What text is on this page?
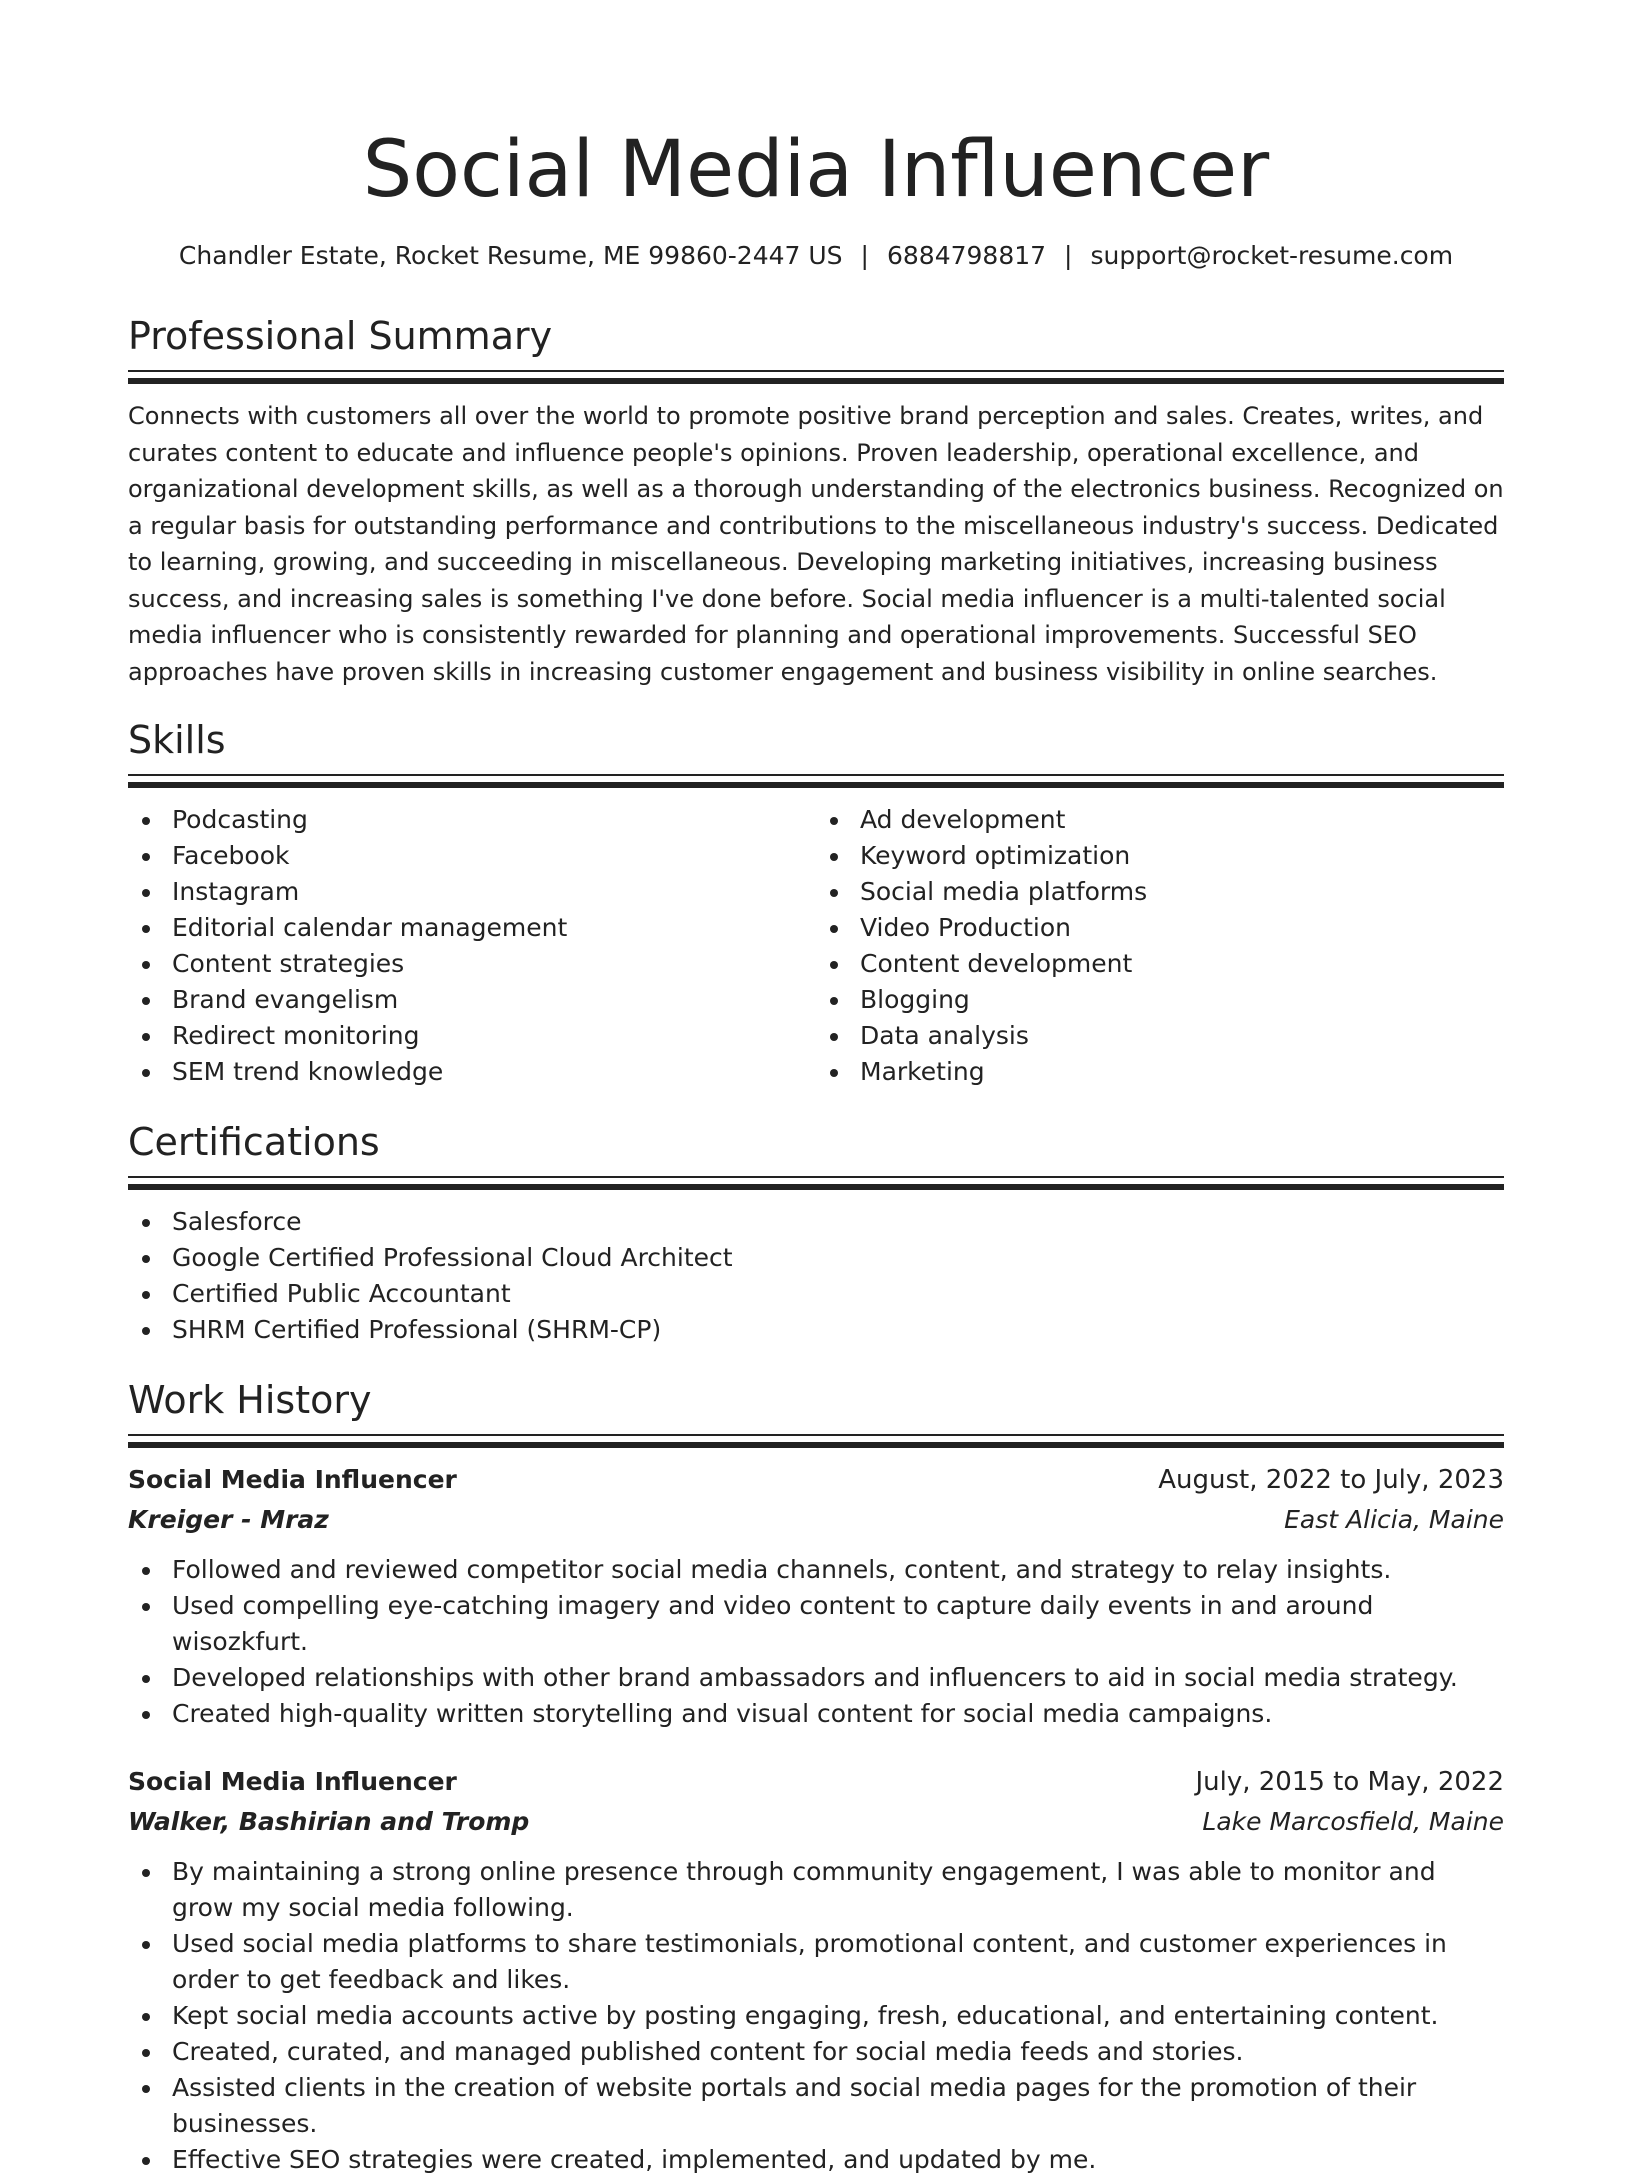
Social Media Influencer
Chandler Estate, Rocket Resume, ME 99860-2447 US | 6884798817 | support@rocket-resume.com
Professional Summary

Connects with customers all over the world to promote positive brand perception and sales. Creates, writes, and curates content to educate and influence people's opinions. Proven leadership, operational excellence, and organizational development skills, as well as a thorough understanding of the electronics business. Recognized on a regular basis for outstanding performance and contributions to the miscellaneous industry's success. Dedicated to learning, growing, and succeeding in miscellaneous. Developing marketing initiatives, increasing business success, and increasing sales is something I've done before. Social media influencer is a multi-talented social media influencer who is consistently rewarded for planning and operational improvements. Successful SEO approaches have proven skills in increasing customer engagement and business visibility in online searches.

Skills
Podcasting
Facebook
Instagram
Editorial calendar management
Content strategies
Brand evangelism
Redirect monitoring
SEM trend knowledge
Ad development
Keyword optimization
Social media platforms
Video Production
Content development
Blogging
Data analysis
Marketing
Certifications
Salesforce
Google Certified Professional Cloud Architect
Certified Public Accountant
SHRM Certified Professional (SHRM-CP)
Work History
Social Media Influencer	August, 2022 to July, 2023
Kreiger - Mraz	East Alicia, Maine
Followed and reviewed competitor social media channels, content, and strategy to relay insights.
Used compelling eye-catching imagery and video content to capture daily events in and around wisozkfurt.
Developed relationships with other brand ambassadors and influencers to aid in social media strategy.
Created high-quality written storytelling and visual content for social media campaigns.
Social Media Influencer	July, 2015 to May, 2022
Walker, Bashirian and Tromp	Lake Marcosfield, Maine
By maintaining a strong online presence through community engagement, I was able to monitor and grow my social media following.
Used social media platforms to share testimonials, promotional content, and customer experiences in order to get feedback and likes.
Kept social media accounts active by posting engaging, fresh, educational, and entertaining content.
Created, curated, and managed published content for social media feeds and stories.
Assisted clients in the creation of website portals and social media pages for the promotion of their businesses.
Effective SEO strategies were created, implemented, and updated by me.
